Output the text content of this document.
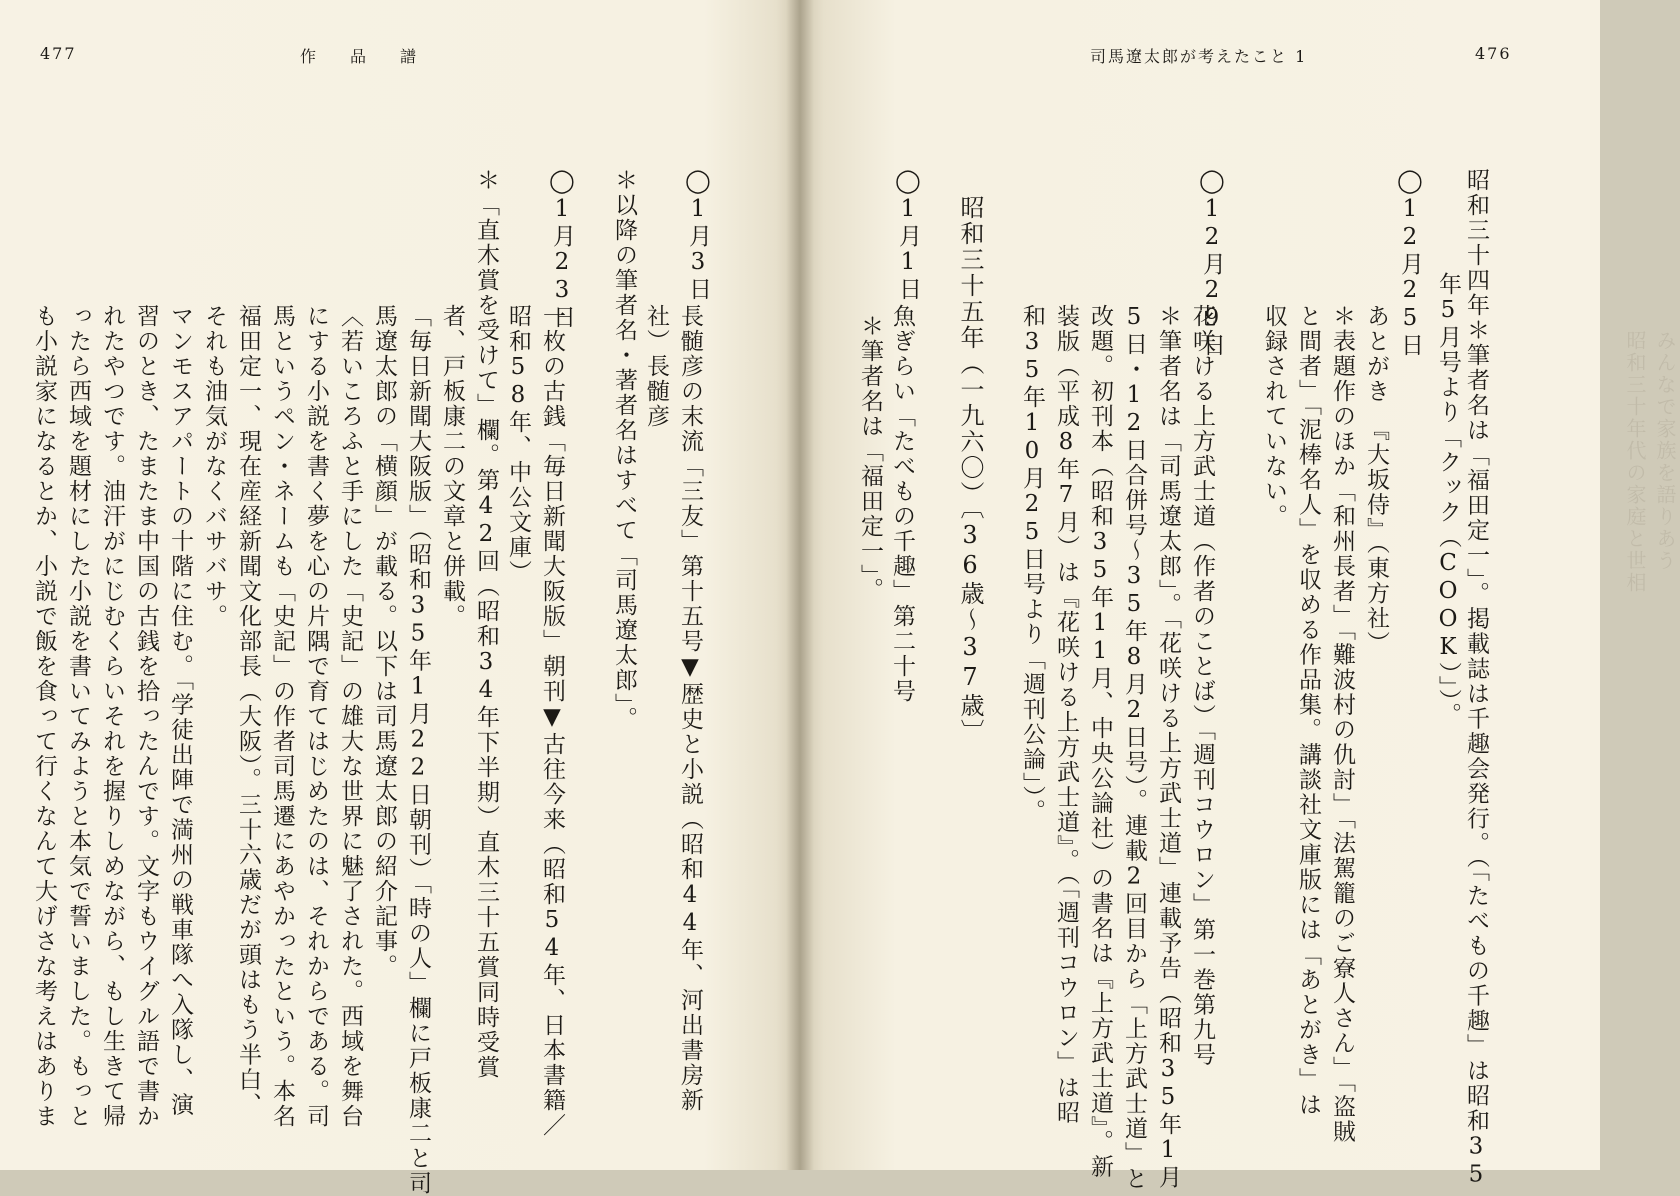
477	作品譜
◯1月3日
長髄彦の末流「三友」第十五号▼歴史と小説（昭和44年、河出書房新
社）長髄彦
＊以降の筆者名・著者名はすべて「司馬遼太郎」。
◯1月23日
一枚の古銭「毎日新聞大阪版」朝刊▼古往今来（昭和54年、日本書籍／
昭和58年、中公文庫）
＊「直木賞を受けて」欄。第42回（昭和34年下半期）直木三十五賞同時受賞
者、戸板康二の文章と併載。
「毎日新聞大阪版」（昭和35年1月22日朝刊）「時の人」欄に戸板康二と司
馬遼太郎の「横顔」が載る。以下は司馬遼太郎の紹介記事。
〈若いころふと手にした「史記」の雄大な世界に魅了された。西域を舞台
にする小説を書く夢を心の片隅で育てはじめたのは、それからである。司
馬というペン・ネームも「史記」の作者司馬遷にあやかったという。本名
福田定一、現在産経新聞文化部長（大阪）。三十六歳だが頭はもう半白、
それも油気がなくバサバサ。
マンモスアパートの十階に住む。「学徒出陣で満州の戦車隊へ入隊し、演
習のとき、たまたま中国の古銭を拾ったんです。文字もウイグル語で書か
れたやつです。油汗がにじむくらいそれを握りしめながら、もし生きて帰
ったら西域を題材にした小説を書いてみようと本気で誓いました。もっと
も小説家になるとか、小説で飯を食って行くなんて大げさな考えはありま	みんなで家族を語りあう
昭和三十年代の家庭と世相
司馬遼太郎が考えたこと 1	476
昭和三十四年＊筆者名は「福田定一」。掲載誌は千趣会発行。（「たべもの千趣」は昭和35
年5月号より「クック（COOK）」）。
◯12月25日
あとがき　『大坂侍』（東方社）
＊表題作のほか「和州長者」「難波村の仇討」「法駕籠のご寮人さん」「盗賊
と間者」「泥棒名人」を収める作品集。講談社文庫版には「あとがき」は
収録されていない。
◯12月29日
花咲ける上方武士道（作者のことば）「週刊コウロン」第一巻第九号
＊筆者名は「司馬遼太郎」。「花咲ける上方武士道」連載予告（昭和35年1月
5日・12日合併号〜35年8月2日号）。連載2回目から「上方武士道」と
改題。初刊本（昭和35年11月、中央公論社）の書名は『上方武士道』。新
装版（平成8年7月）は『花咲ける上方武士道』。（「週刊コウロン」は昭
和35年10月25日号より「週刊公論」）。
昭和三十五年（一九六〇）〔36歳〜37歳〕
◯1月1日
魚ぎらい「たべもの千趣」第二十号
＊筆者名は「福田定一」。
